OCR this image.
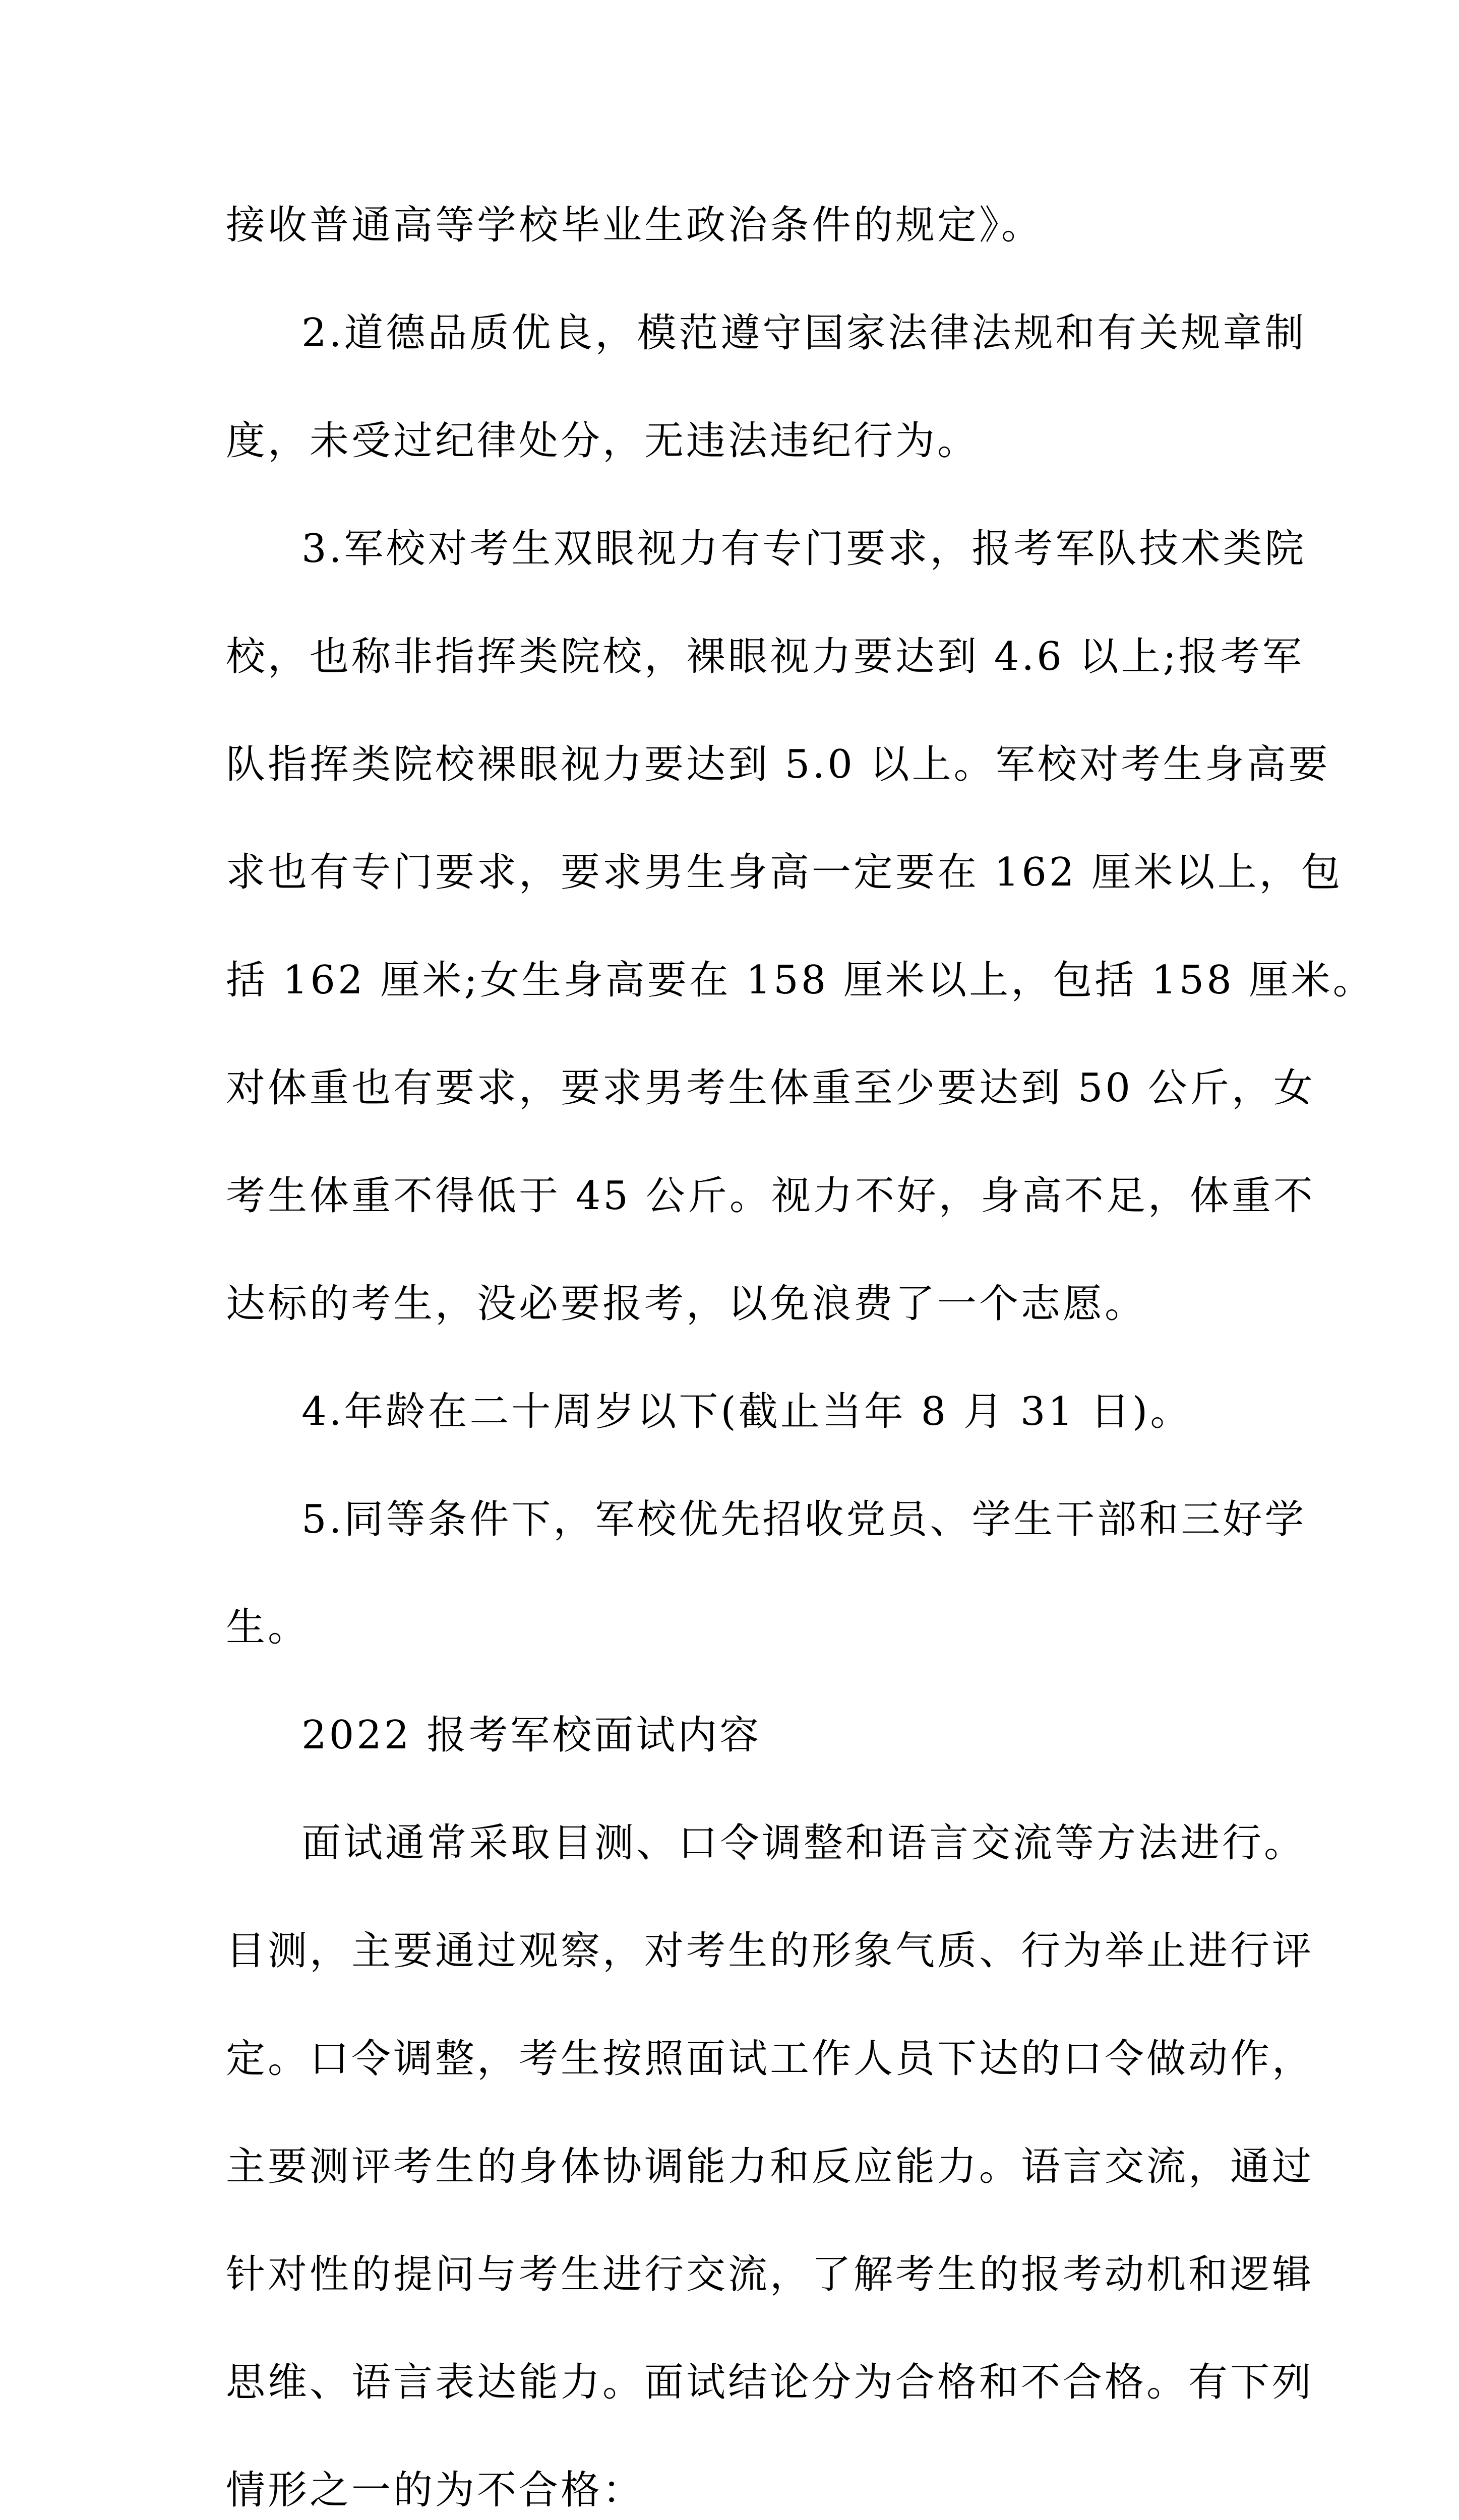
接收普通高等学校毕业生政治条件的规定》。
2.道德品质优良，模范遵守国家法律法规和有关规章制
度，未受过纪律处分，无违法违纪行为。
3.军校对考生双眼视力有专门要求，报考军队技术类院
校，也称非指挥类院校，裸眼视力要达到 4.6 以上;报考军
队指挥类院校裸眼视力要达到 5.0 以上。军校对考生身高要
求也有专门要求，要求男生身高一定要在 162 厘米以上，包
括 162 厘米;女生身高要在 158 厘米以上，包括 158 厘米。
对体重也有要求，要求男考生体重至少要达到 50 公斤，女
考生体重不得低于 45 公斤。视力不好，身高不足，体重不
达标的考生，没必要报考，以免浪费了一个志愿。
4.年龄在二十周岁以下(截止当年 8 月 31 日)。
5.同等条件下，军校优先招收党员、学生干部和三好学
生。
2022 报考军校面试内容
面试通常采取目测、口令调整和语言交流等方法进行。
目测，主要通过观察，对考生的形象气质、行为举止进行评
定。口令调整，考生按照面试工作人员下达的口令做动作，
主要测评考生的身体协调能力和反应能力。语言交流，通过
针对性的提问与考生进行交流，了解考生的报考动机和逻辑
思维、语言表达能力。面试结论分为合格和不合格。有下列
情形之一的为不合格：
